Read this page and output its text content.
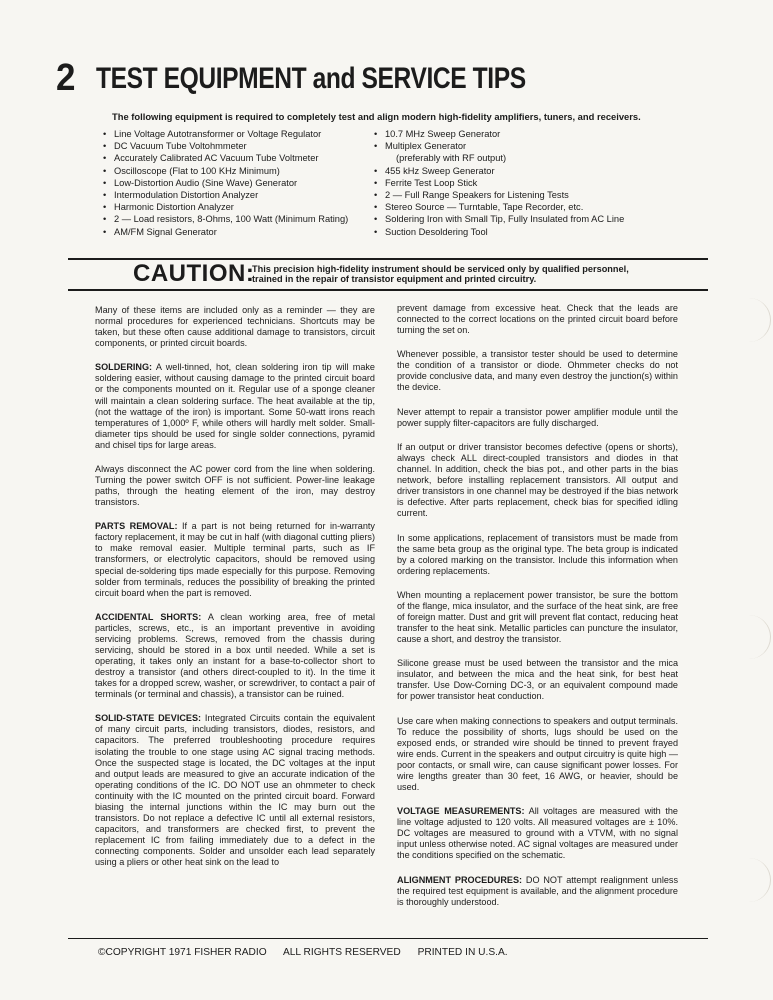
2 TEST EQUIPMENT and SERVICE TIPS
The following equipment is required to completely test and align modern high-fidelity amplifiers, tuners, and receivers.
• Line Voltage Autotransformer or Voltage Regulator
• DC Vacuum Tube Voltohmmeter
• Accurately Calibrated AC Vacuum Tube Voltmeter
• Oscilloscope (Flat to 100 KHz Minimum)
• Low-Distortion Audio (Sine Wave) Generator
• Intermodulation Distortion Analyzer
• Harmonic Distortion Analyzer
• 2 — Load resistors, 8-Ohms, 100 Watt (Minimum Rating)
• AM/FM Signal Generator
• 10.7 MHz Sweep Generator
• Multiplex Generator
(preferably with RF output)
• 455 kHz Sweep Generator
• Ferrite Test Loop Stick
• 2 — Full Range Speakers for Listening Tests
• Stereo Source — Turntable, Tape Recorder, etc.
• Soldering Iron with Small Tip, Fully Insulated from AC Line
• Suction Desoldering Tool
CAUTION:
This precision high-fidelity instrument should be serviced only by qualified personnel,
trained in the repair of transistor equipment and printed circuitry.

Many of these items are included only as a reminder — they are normal procedures for experienced technicians. Shortcuts may be taken, but these often cause additional damage to transistors, circuit components, or printed circuit boards.

SOLDERING: A well-tinned, hot, clean soldering iron tip will make soldering easier, without causing damage to the printed circuit board or the components mounted on it. Regular use of a sponge cleaner will maintain a clean soldering surface. The heat available at the tip, (not the wattage of the iron) is important. Some 50-watt irons reach temperatures of 1,000º F, while others will hardly melt solder. Small-diameter tips should be used for single solder connections, pyramid and chisel tips for large areas.

Always disconnect the AC power cord from the line when soldering. Turning the power switch OFF is not sufficient. Power-line leakage paths, through the heating element of the iron, may destroy transistors.

PARTS REMOVAL: If a part is not being returned for in-warranty factory replacement, it may be cut in half (with diagonal cutting pliers) to make removal easier. Multiple terminal parts, such as IF transformers, or electrolytic capacitors, should be removed using special de-soldering tips made especially for this purpose. Removing solder from terminals, reduces the possibility of breaking the printed circuit board when the part is removed.

ACCIDENTAL SHORTS: A clean working area, free of metal particles, screws, etc., is an important preventive in avoiding servicing problems. Screws, removed from the chassis during servicing, should be stored in a box until needed. While a set is operating, it takes only an instant for a base-to-collector short to destroy a transistor (and others direct-coupled to it). In the time it takes for a dropped screw, washer, or screwdriver, to contact a pair of terminals (or terminal and chassis), a transistor can be ruined.

SOLID-STATE DEVICES: Integrated Circuits contain the equivalent of many circuit parts, including transistors, diodes, resistors, and capacitors. The preferred troubleshooting procedure requires isolating the trouble to one stage using AC signal tracing methods. Once the suspected stage is located, the DC voltages at the input and output leads are measured to give an accurate indication of the operating conditions of the IC. DO NOT use an ohmmeter to check continuity with the IC mounted on the printed circuit board. Forward biasing the internal junctions within the IC may burn out the transistors. Do not replace a defective IC until all external resistors, capacitors, and transformers are checked first, to prevent the replacement IC from failing immediately due to a defect in the connecting components. Solder and unsolder each lead separately using a pliers or other heat sink on the lead to

prevent damage from excessive heat. Check that the leads are connected to the correct locations on the printed circuit board before turning the set on.

Whenever possible, a transistor tester should be used to determine the condition of a transistor or diode. Ohmmeter checks do not provide conclusive data, and many even destroy the junction(s) within the device.

Never attempt to repair a transistor power amplifier module until the power supply filter-capacitors are fully discharged.

If an output or driver transistor becomes defective (opens or shorts), always check ALL direct-coupled transistors and diodes in that channel. In addition, check the bias pot., and other parts in the bias network, before installing replacement transistors. All output and driver transistors in one channel may be destroyed if the bias network is defective. After parts replacement, check bias for specified idling current.

In some applications, replacement of transistors must be made from the same beta group as the original type. The beta group is indicated by a colored marking on the transistor. Include this information when ordering replacements.

When mounting a replacement power transistor, be sure the bottom of the flange, mica insulator, and the surface of the heat sink, are free of foreign matter. Dust and grit will prevent flat contact, reducing heat transfer to the heat sink. Metallic particles can puncture the insulator, cause a short, and destroy the transistor.

Silicone grease must be used between the transistor and the mica insulator, and between the mica and the heat sink, for best heat transfer. Use Dow-Corning DC-3, or an equivalent compound made for power transistor heat conduction.

Use care when making connections to speakers and output terminals. To reduce the possibility of shorts, lugs should be used on the exposed ends, or stranded wire should be tinned to prevent frayed wire ends. Current in the speakers and output circuitry is quite high — poor contacts, or small wire, can cause significant power losses. For wire lengths greater than 30 feet, 16 AWG, or heavier, should be used.

VOLTAGE MEASUREMENTS: All voltages are measured with the line voltage adjusted to 120 volts. All measured voltages are ± 10%. DC voltages are measured to ground with a VTVM, with no signal input unless otherwise noted. AC signal voltages are measured under the conditions specified on the schematic.

ALIGNMENT PROCEDURES: DO NOT attempt realignment unless the required test equipment is available, and the alignment procedure is thoroughly understood.

©COPYRIGHT 1971 FISHER RADIO ALL RIGHTS RESERVED PRINTED IN U.S.A.
